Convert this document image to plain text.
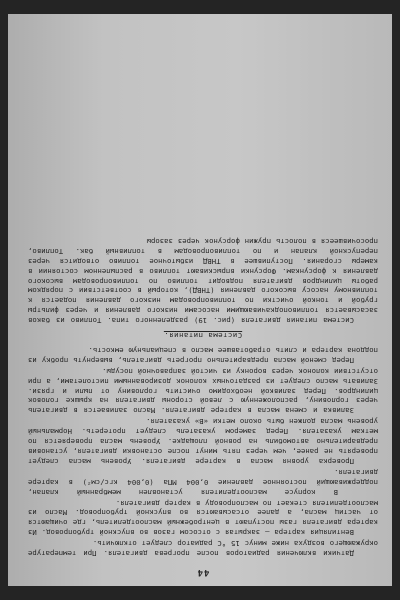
44

Датчики включения радиаторов после прогрева двигателя. При температуре окружающего воздуха ниже минус 15 °С радиатор следует отключить.

Вентиляция картера – закрытая с отсосом газов во впускной трубопровод. Из картера двигателя газы поступают в центробежный маслоотделитель, где очищаются от частиц масла, а далее отсасываются во впускной трубопровод. Масло из маслоотделителя стекает по маслопроводу в картер двигателя.

В корпусе маслоотделителя установлен мембранный клапан, поддерживающий постоянное давление 0,004 МПа (0,004 кгс/см²) в картере двигателя.

Проверка уровня масла в картере двигателя. Уровень масла следует проверять не ранее, чем через пять минут после остановки двигателя, установив предварительно автомобиль на ровной площадке. Уровень масла проверяется по меткам указателя. Перед замером указатель следует протереть. Нормальный уровень масла должен быть около метки «В» указателя.

Заливка и смена масла в картере двигателя. Масло заливается в двигатель через горловину, расположенную с левой стороны двигателя на крышке головок цилиндров. Перед заливкой необходимо очистить горловину от пыли и грязи. Заливать масло следует из раздаточных колонок дозированными пистолетами, а при отсутствии колонок через воронку из чистой заправочной посуды.

Перед сменой масла предварительно прогреть двигатель, вывернуть пробку из поддона картера и слить отработавшее масло в специальную емкость.

Система питания.

Система питания двигателя (рис. 19) разделенного типа. Топливо из баков засасывается топливоподкачивающими насосами низкого давления и через фильтры грубой и тонкой очистки по топливопроводам низкого давления подается к топливному насосу высокого давления (ТНВД), который в соответствии с порядком работы цилиндров двигателя подводит топливо по топливопроводам высокого давления к форсункам. Форсунки впрыскивают топливо в распыленном состоянии в камеры сгорания. Поступившее в ТНВД избыточное топливо отводится через перепускной клапан и по топливопроводам в топливный бак. Топливо, просочившееся в полость пружин форсунок через зазоры
